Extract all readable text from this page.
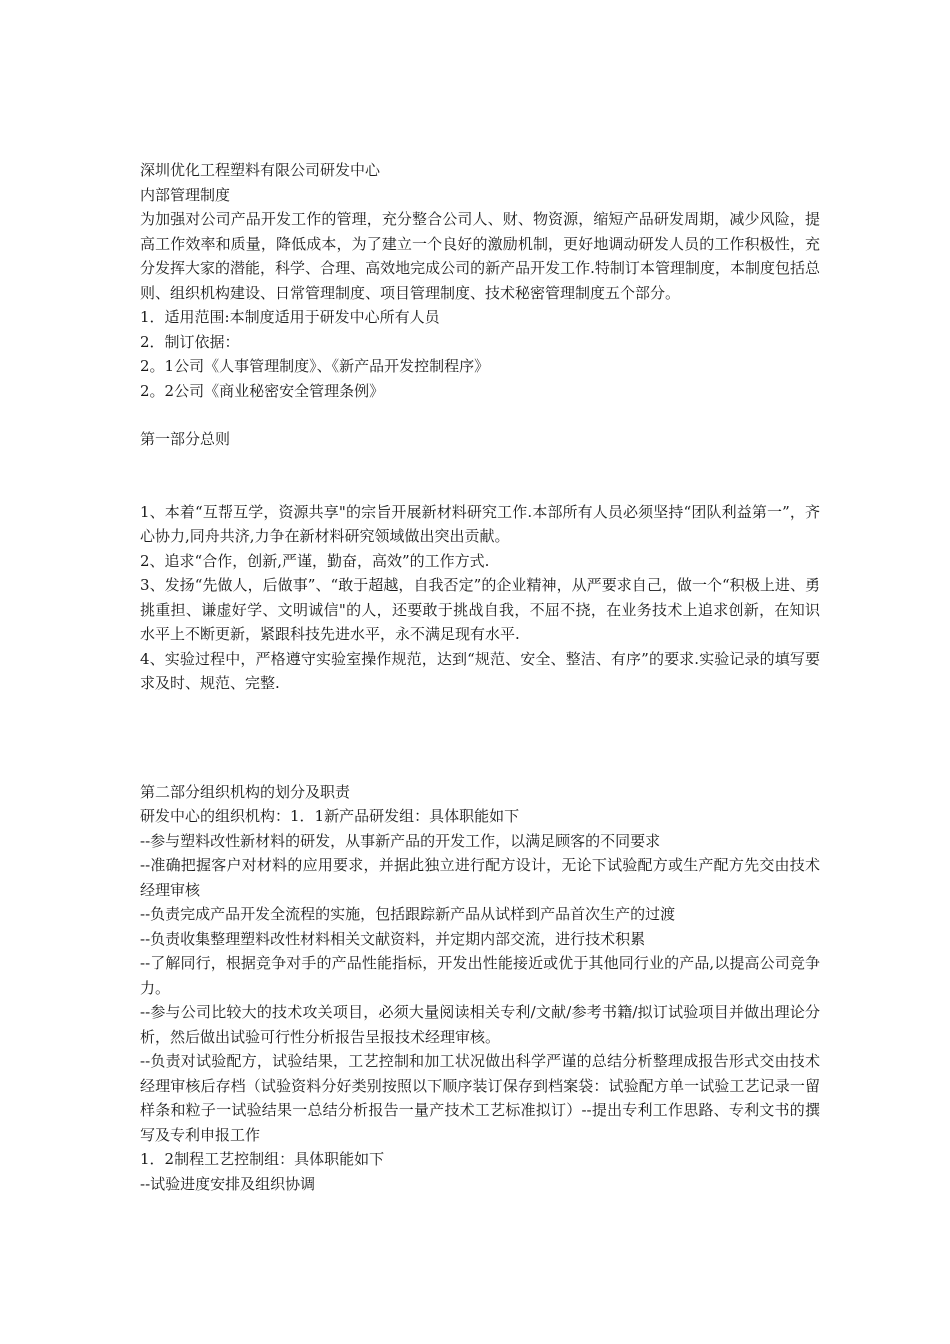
深圳优化工程塑料有限公司研发中心

内部管理制度

为加强对公司产品开发工作的管理，充分整合公司人、财、物资源，缩短产品研发周期，减少风险，提高工作效率和质量，降低成本，为了建立一个良好的激励机制，更好地调动研发人员的工作积极性，充分发挥大家的潜能，科学、合理、高效地完成公司的新产品开发工作.特制订本管理制度，本制度包括总则、组织机构建设、日常管理制度、项目管理制度、技术秘密管理制度五个部分。

1．适用范围:本制度适用于研发中心所有人员

2．制订依据：

2。1公司《人事管理制度》、《新产品开发控制程序》

2。2公司《商业秘密安全管理条例》

第一部分总则

1、本着“互帮互学，资源共享"的宗旨开展新材料研究工作.本部所有人员必须坚持“团队利益第一”，齐心协力,同舟共济,力争在新材料研究领域做出突出贡献。

2、追求“合作，创新,严谨，勤奋，高效”的工作方式.

3、发扬“先做人，后做事”、“敢于超越，自我否定”的企业精神，从严要求自己，做一个“积极上进、勇挑重担、谦虚好学、文明诚信"的人，还要敢于挑战自我，不屈不挠，在业务技术上追求创新，在知识水平上不断更新，紧跟科技先进水平，永不满足现有水平.

4、实验过程中，严格遵守实验室操作规范，达到“规范、安全、整洁、有序”的要求.实验记录的填写要求及时、规范、完整.

第二部分组织机构的划分及职责

研发中心的组织机构：1．1新产品研发组：具体职能如下

--参与塑料改性新材料的研发，从事新产品的开发工作，以满足顾客的不同要求

--准确把握客户对材料的应用要求，并据此独立进行配方设计，无论下试验配方或生产配方先交由技术经理审核

--负责完成产品开发全流程的实施，包括跟踪新产品从试样到产品首次生产的过渡

--负责收集整理塑料改性材料相关文献资料，并定期内部交流，进行技术积累

--了解同行，根据竞争对手的产品性能指标，开发出性能接近或优于其他同行业的产品,以提高公司竞争力。

--参与公司比较大的技术攻关项目，必须大量阅读相关专利/文献/参考书籍/拟订试验项目并做出理论分析，然后做出试验可行性分析报告呈报技术经理审核。

--负责对试验配方，试验结果，工艺控制和加工状况做出科学严谨的总结分析整理成报告形式交由技术经理审核后存档（试验资料分好类别按照以下顺序装订保存到档案袋：试验配方单一试验工艺记录一留样条和粒子一试验结果一总结分析报告一量产技术工艺标准拟订）--提出专利工作思路、专利文书的撰写及专利申报工作

1．2制程工艺控制组：具体职能如下

--试验进度安排及组织协调
